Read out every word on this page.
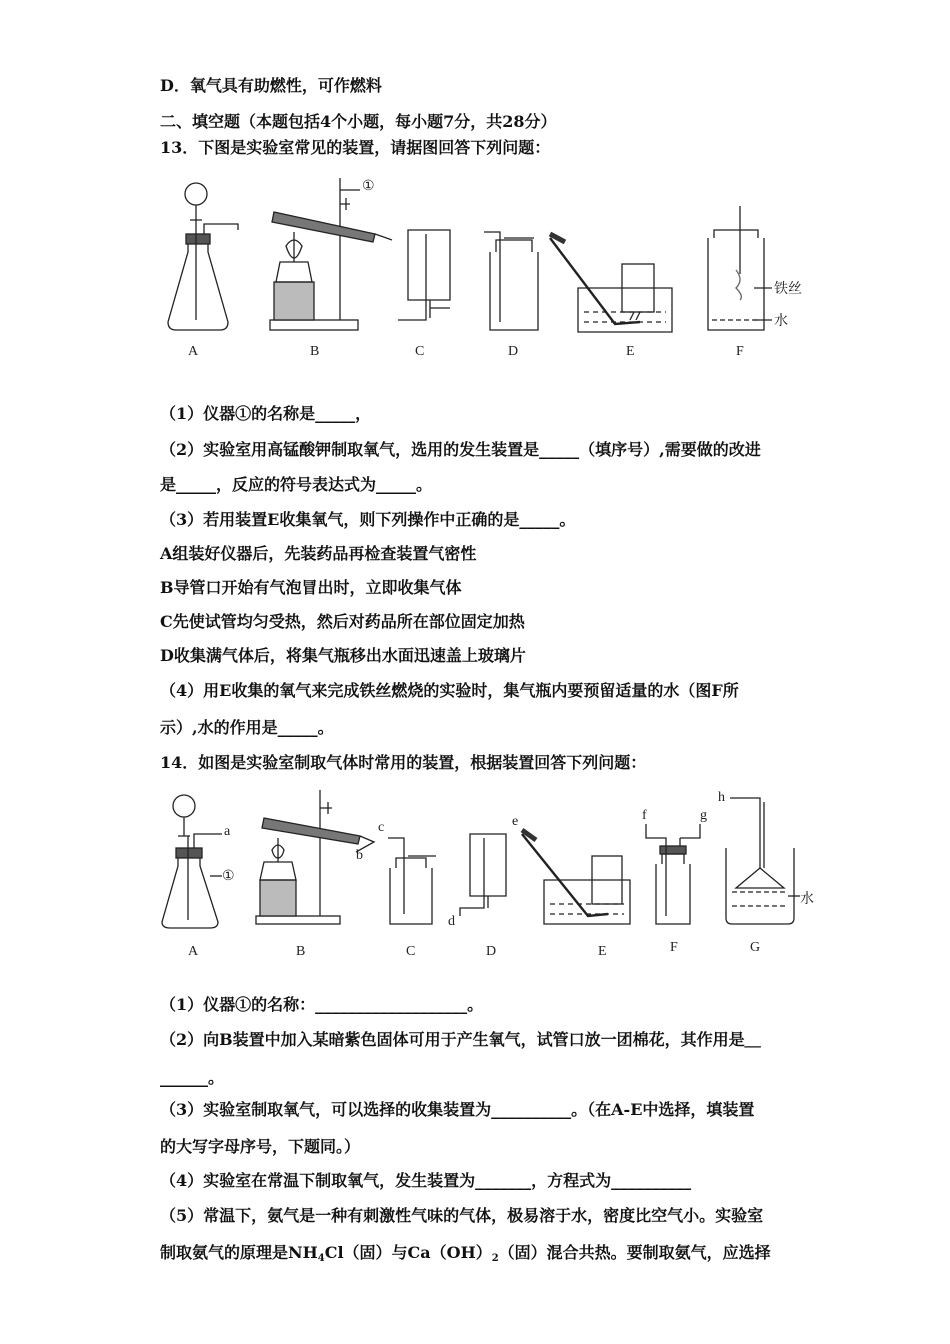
D．氧气具有助燃性，可作燃料
二、填空题（本题包括4个小题，每小题7分，共28分）
13．下图是实验室常见的装置，请据图回答下列问题：
A	B	C	D	E	F
①
铁丝
水
（1）仪器①的名称是_____，
（2）实验室用高锰酸钾制取氧气，选用的发生装置是_____（填序号）,需要做的改进
是_____，反应的符号表达式为_____。
（3）若用装置E收集氧气，则下列操作中正确的是_____。
A组装好仪器后，先装药品再检查装置气密性
B导管口开始有气泡冒出时，立即收集气体
C先使试管均匀受热，然后对药品所在部位固定加热
D收集满气体后，将集气瓶移出水面迅速盖上玻璃片
（4）用E收集的氧气来完成铁丝燃烧的实验时，集气瓶内要预留适量的水（图F所
示）,水的作用是_____。
14．如图是实验室制取气体时常用的装置，根据装置回答下列问题：
A	B	C	D	E	F	G
①
a
b
c
d
e	f	g
h
水
（1）仪器①的名称：___________________。
（2）向B装置中加入某暗紫色固体可用于产生氧气，试管口放一团棉花，其作用是＿
______。
（3）实验室制取氧气，可以选择的收集装置为__________。（在A-E中选择，填装置
的大写字母序号，下题同。）
（4）实验室在常温下制取氧气，发生装置为_______，方程式为__________
（5）常温下，氨气是一种有刺激性气味的气体，极易溶于水，密度比空气小。实验室
制取氨气的原理是$NH_4Cl$（固）与$Ca(OH)_2$（固）混合共热。要制取氨气，应选择
